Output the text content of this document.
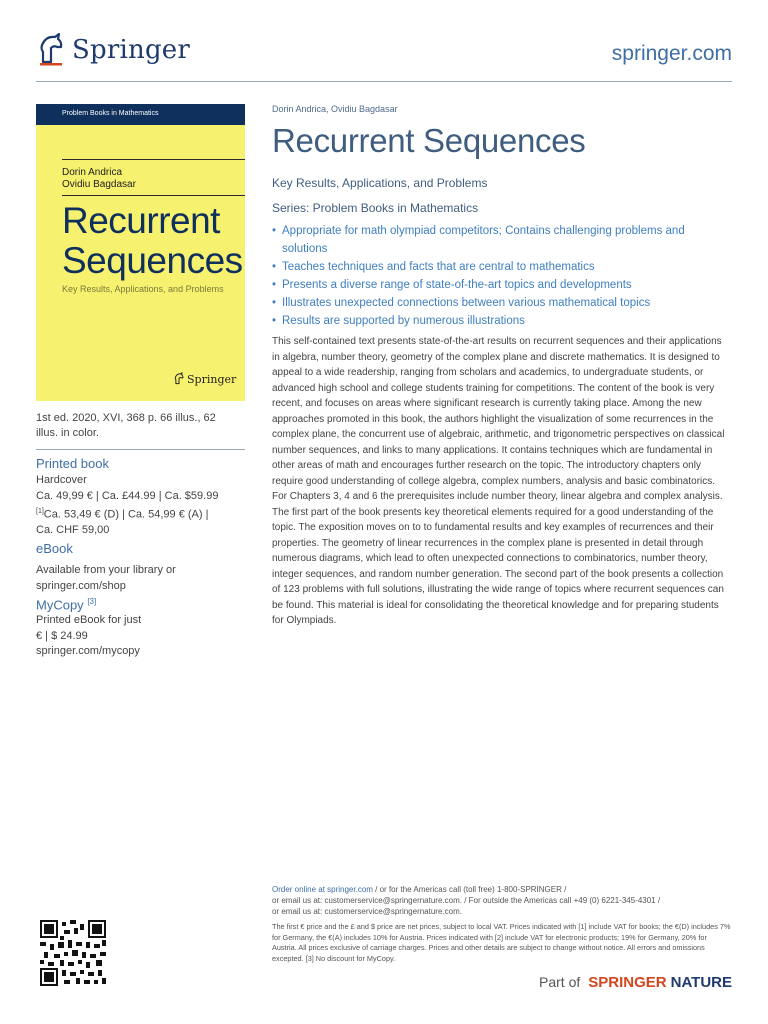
Springer	springer.com
Problem Books in Mathematics
Dorin Andrica
Ovidiu Bagdasar
Recurrent
Sequences
Key Results, Applications, and Problems
Springer
1st ed. 2020, XVI, 368 p. 66 illus., 62
illus. in color.
Printed book
Hardcover
Ca. 49,99 € | Ca. £44.99 | Ca. $59.99
[1]Ca. 53,49 € (D) | Ca. 54,99 € (A) |
Ca. CHF 59,00
eBook
Available from your library or
springer.com/shop
MyCopy [3]
Printed eBook for just
€ | $ 24.99
springer.com/mycopy
Dorin Andrica, Ovidiu Bagdasar
Recurrent Sequences
Key Results, Applications, and Problems
Series: Problem Books in Mathematics
• Appropriate for math olympiad competitors; Contains challenging problems and solutions
• Teaches techniques and facts that are central to mathematics
• Presents a diverse range of state-of-the-art topics and developments
• Illustrates unexpected connections between various mathematical topics
• Results are supported by numerous illustrations
This self-contained text presents state-of-the-art results on recurrent sequences and their applications in algebra, number theory, geometry of the complex plane and discrete mathematics. It is designed to appeal to a wide readership, ranging from scholars and academics, to undergraduate students, or advanced high school and college students training for competitions. The content of the book is very recent, and focuses on areas where significant research is currently taking place. Among the new approaches promoted in this book, the authors highlight the visualization of some recurrences in the complex plane, the concurrent use of algebraic, arithmetic, and trigonometric perspectives on classical number sequences, and links to many applications. It contains techniques which are fundamental in other areas of math and encourages further research on the topic. The introductory chapters only require good understanding of college algebra, complex numbers, analysis and basic combinatorics. For Chapters 3, 4 and 6 the prerequisites include number theory, linear algebra and complex analysis. The first part of the book presents key theoretical elements required for a good understanding of the topic. The exposition moves on to to fundamental results and key examples of recurrences and their properties. The geometry of linear recurrences in the complex plane is presented in detail through numerous diagrams, which lead to often unexpected connections to combinatorics, number theory, integer sequences, and random number generation. The second part of the book presents a collection of 123 problems with full solutions, illustrating the wide range of topics where recurrent sequences can be found. This material is ideal for consolidating the theoretical knowledge and for preparing students for Olympiads.
Order online at springer.com / or for the Americas call (toll free) 1-800-SPRINGER /
or email us at: customerservice@springernature.com. / For outside the Americas call +49 (0) 6221-345-4301 /
or email us at: customerservice@springernature.com.
The first € price and the £ and $ price are net prices, subject to local VAT. Prices indicated with [1] include VAT for books; the €(D) includes 7% for Germany, the €(A) includes 10% for Austria. Prices indicated with [2] include VAT for electronic products; 19% for Germany, 20% for Austria. All prices exclusive of carriage charges. Prices and other details are subject to change without notice. All errors and omissions excepted. [3] No discount for MyCopy.
Part of SPRINGER NATURE
